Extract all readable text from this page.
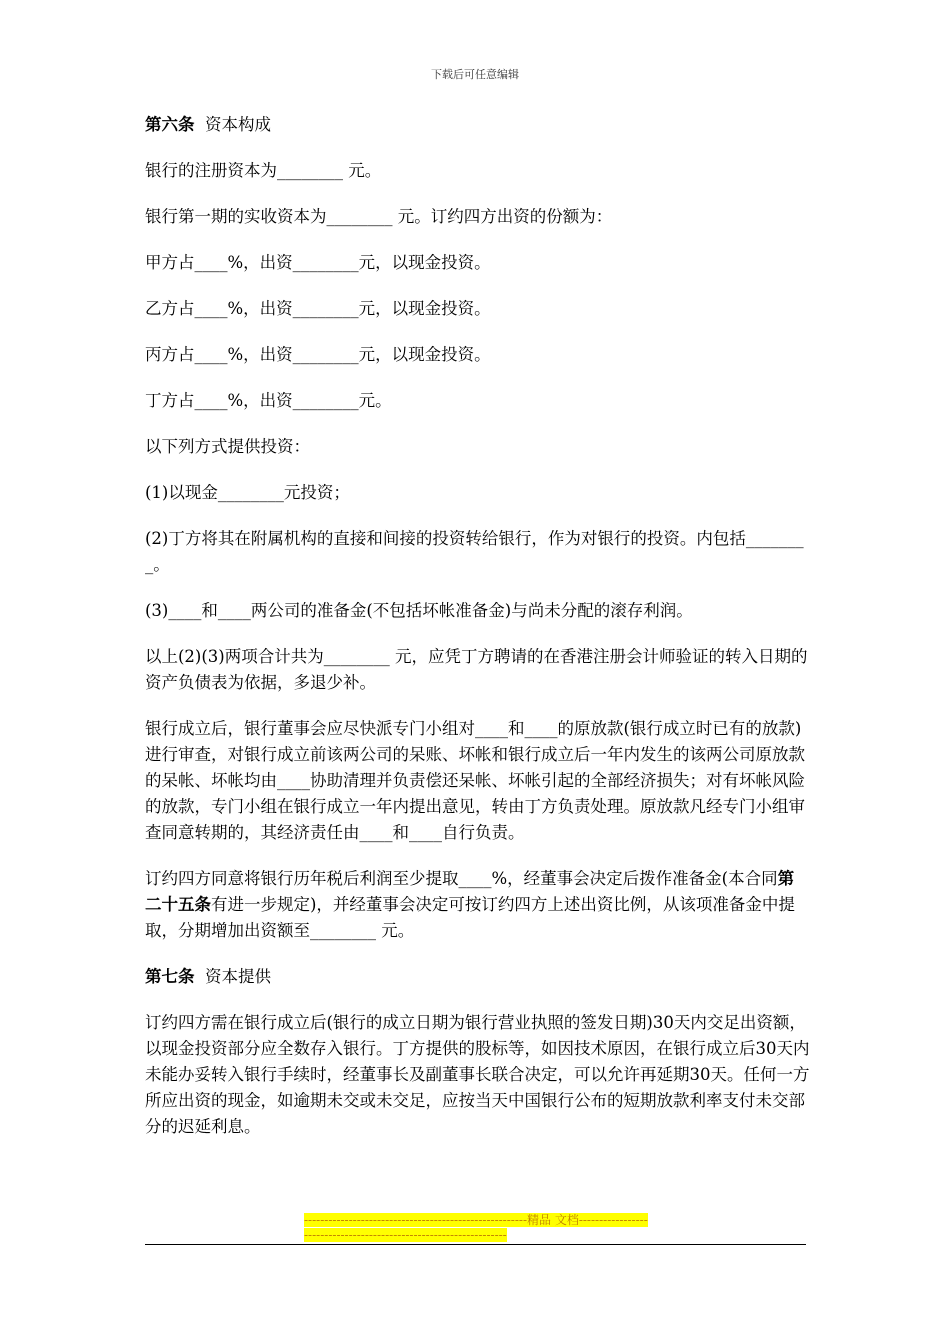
下载后可任意编辑
第六条  资本构成
银行的注册资本为________ 元。
银行第一期的实收资本为________ 元。订约四方出资的份额为：
甲方占____%，出资________元，以现金投资。
乙方占____%，出资________元，以现金投资。
丙方占____%，出资________元，以现金投资。
丁方占____%，出资________元。
以下列方式提供投资：
(1)以现金________元投资；
(2)丁方将其在附属机构的直接和间接的投资转给银行，作为对银行的投资。内包括________。
(3)____和____两公司的准备金(不包括坏帐准备金)与尚未分配的滚存利润。
以上(2)(3)两项合计共为________ 元，应凭丁方聘请的在香港注册会计师验证的转入日期的资产负债表为依据，多退少补。
银行成立后，银行董事会应尽快派专门小组对____和____的原放款(银行成立时已有的放款)进行审查，对银行成立前该两公司的呆账、坏帐和银行成立后一年内发生的该两公司原放款的呆帐、坏帐均由____协助清理并负责偿还呆帐、坏帐引起的全部经济损失；对有坏帐风险的放款，专门小组在银行成立一年内提出意见，转由丁方负责处理。原放款凡经专门小组审查同意转期的，其经济责任由____和____自行负责。
订约四方同意将银行历年税后利润至少提取____%，经董事会决定后拨作准备金(本合同第二十五条有进一步规定)，并经董事会决定可按订约四方上述出资比例，从该项准备金中提取，分期增加出资额至________ 元。
第七条  资本提供
订约四方需在银行成立后(银行的成立日期为银行营业执照的签发日期)30天内交足出资额，以现金投资部分应全数存入银行。丁方提供的股标等，如因技术原因，在银行成立后30天内未能办妥转入银行手续时，经董事长及副董事长联合决定，可以允许再延期30天。任何一方所应出资的现金，如逾期未交或未交足，应按当天中国银行公布的短期放款利率支付未交部分的迟延利息。
-------------------------------------------------------精品 文档-------------------------------------------------------------------
